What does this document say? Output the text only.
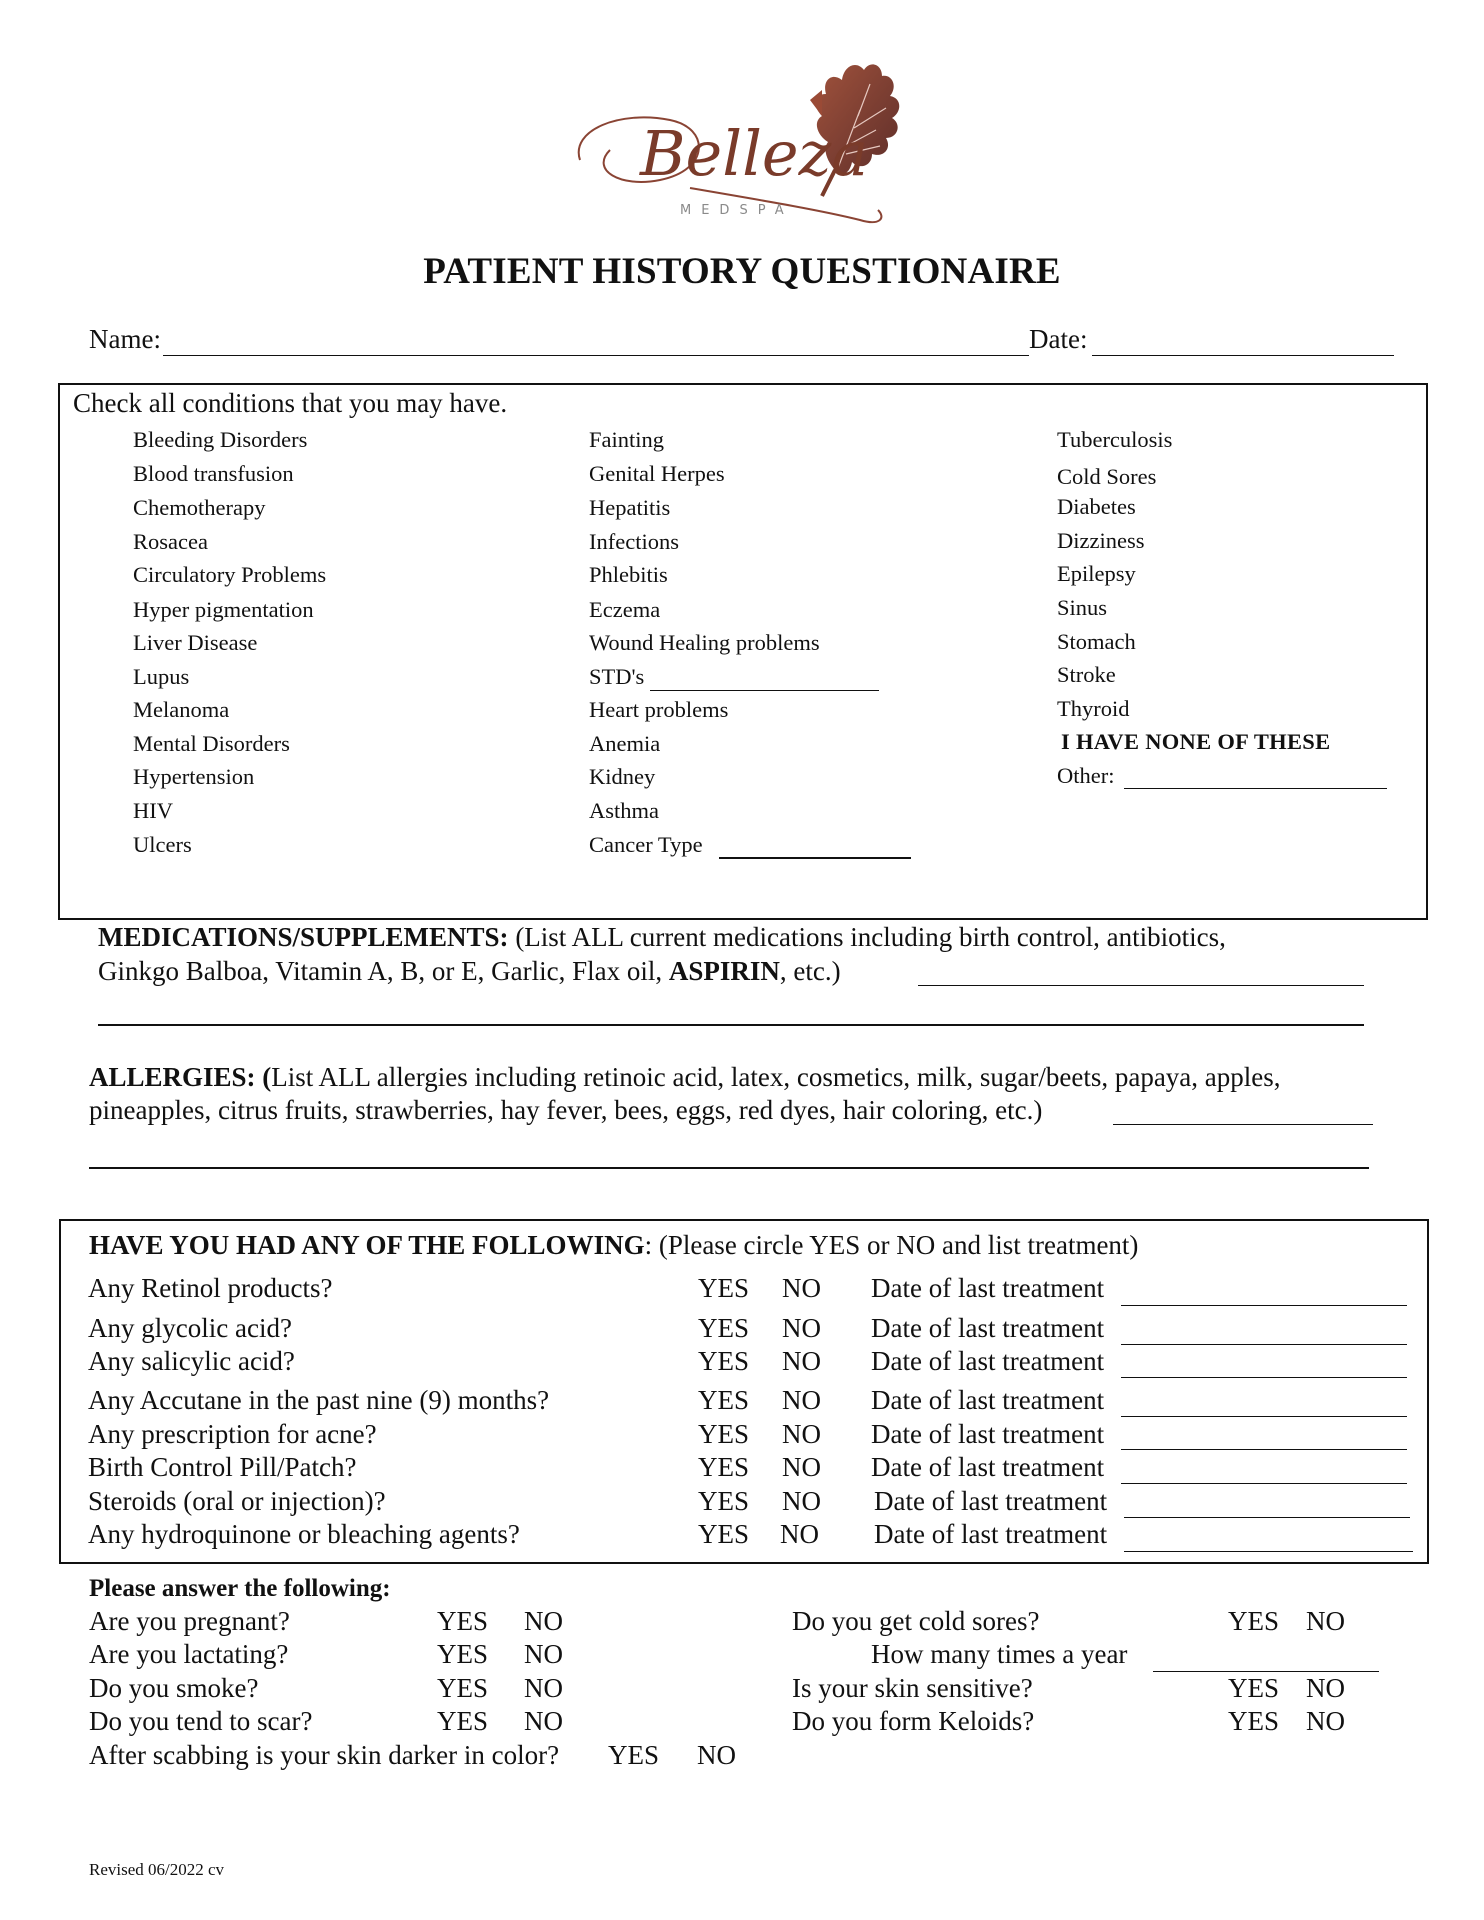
Belleza
MEDSPA
PATIENT HISTORY QUESTIONAIRE
Name:	Date:
Check all conditions that you may have.
Bleeding Disorders
Blood transfusion
Chemotherapy
Rosacea
Circulatory Problems
Hyper pigmentation
Liver Disease
Lupus
Melanoma
Mental Disorders
Hypertension
HIV
Ulcers
Fainting
Genital Herpes
Hepatitis
Infections
Phlebitis
Eczema
Wound Healing problems
STD's
Heart problems
Anemia
Kidney
Asthma
Cancer Type
Tuberculosis
Cold Sores
Diabetes
Dizziness
Epilepsy
Sinus
Stomach
Stroke
Thyroid
I HAVE NONE OF THESE
Other:
MEDICATIONS/SUPPLEMENTS: (List ALL current medications including birth control, antibiotics,
Ginkgo Balboa, Vitamin A, B, or E, Garlic, Flax oil, ASPIRIN, etc.)
ALLERGIES: (List ALL allergies including retinoic acid, latex, cosmetics, milk, sugar/beets, papaya, apples,
pineapples, citrus fruits, strawberries, hay fever, bees, eggs, red dyes, hair coloring, etc.)
HAVE YOU HAD ANY OF THE FOLLOWING: (Please circle YES or NO and list treatment)
Any Retinol products?	YES NO Date of last treatment
Any glycolic acid?	YES NO Date of last treatment
Any salicylic acid?	YES NO Date of last treatment
Any Accutane in the past nine (9) months?	YES NO Date of last treatment
Any prescription for acne?	YES NO Date of last treatment
Birth Control Pill/Patch?	YES NO Date of last treatment
Steroids (oral or injection)?	YES NO Date of last treatment
Any hydroquinone or bleaching agents?	YES NO Date of last treatment
Please answer the following:
Are you pregnant?	YES NO
Are you lactating?	YES NO
Do you smoke?	YES NO
Do you tend to scar?	YES NO
After scabbing is your skin darker in color? YES NO
Do you get cold sores?	YES NO
How many times a year
Is your skin sensitive?	YES NO
Do you form Keloids?	YES NO
Revised 06/2022 cv
